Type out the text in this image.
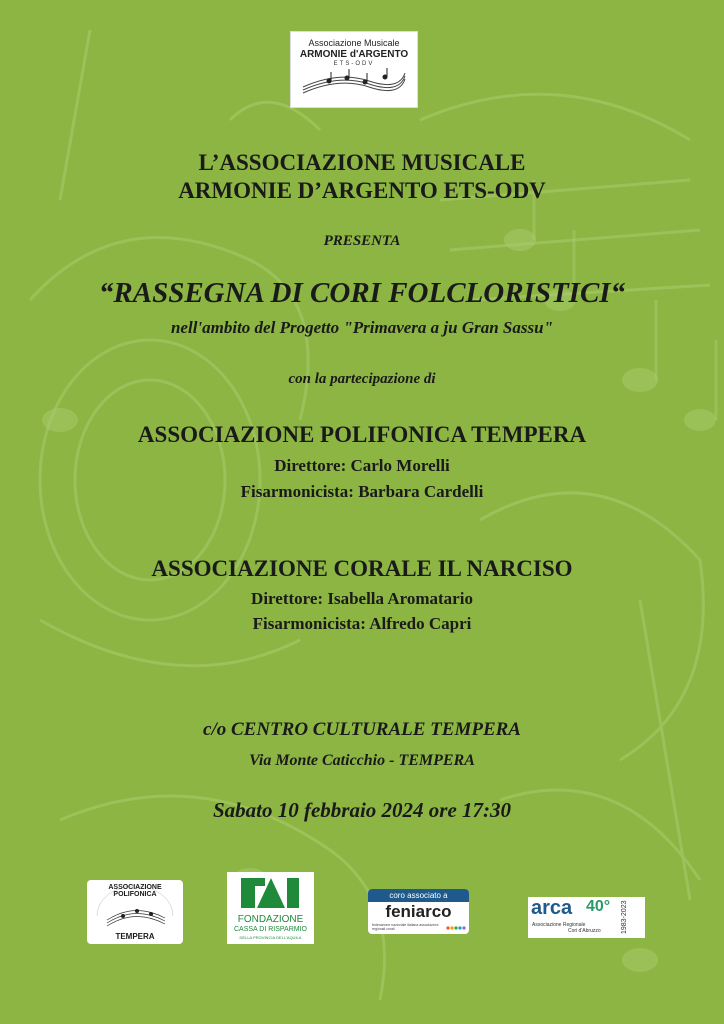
Associazione Musicale
ARMONIE d'ARGENTO
ETS-ODV
L’ASSOCIAZIONE MUSICALE
ARMONIE D’ARGENTO ETS-ODV
PRESENTA
“RASSEGNA DI CORI FOLCLORISTICI“
nell'ambito del Progetto "Primavera a ju Gran Sassu"
con la partecipazione di
ASSOCIAZIONE POLIFONICA TEMPERA
Direttore: Carlo Morelli
Fisarmonicista: Barbara Cardelli
ASSOCIAZIONE CORALE IL NARCISO
Direttore: Isabella Aromatario
Fisarmonicista: Alfredo Capri
c/o CENTRO CULTURALE TEMPERA
Via Monte Caticchio - TEMPERA
Sabato 10 febbraio 2024 ore 17:30
ASSOCIAZIONE POLIFONICA
TEMPERA
FONDAZIONE
CASSA DI RISPARMIO
DELLA PROVINCIA DELL'AQUILA
coro associato a
feniarco
federazione nazionale italiana associazioni regionali corali
arca 40°
Associazione Regionale
Cori d'Abruzzo	1983-2023
